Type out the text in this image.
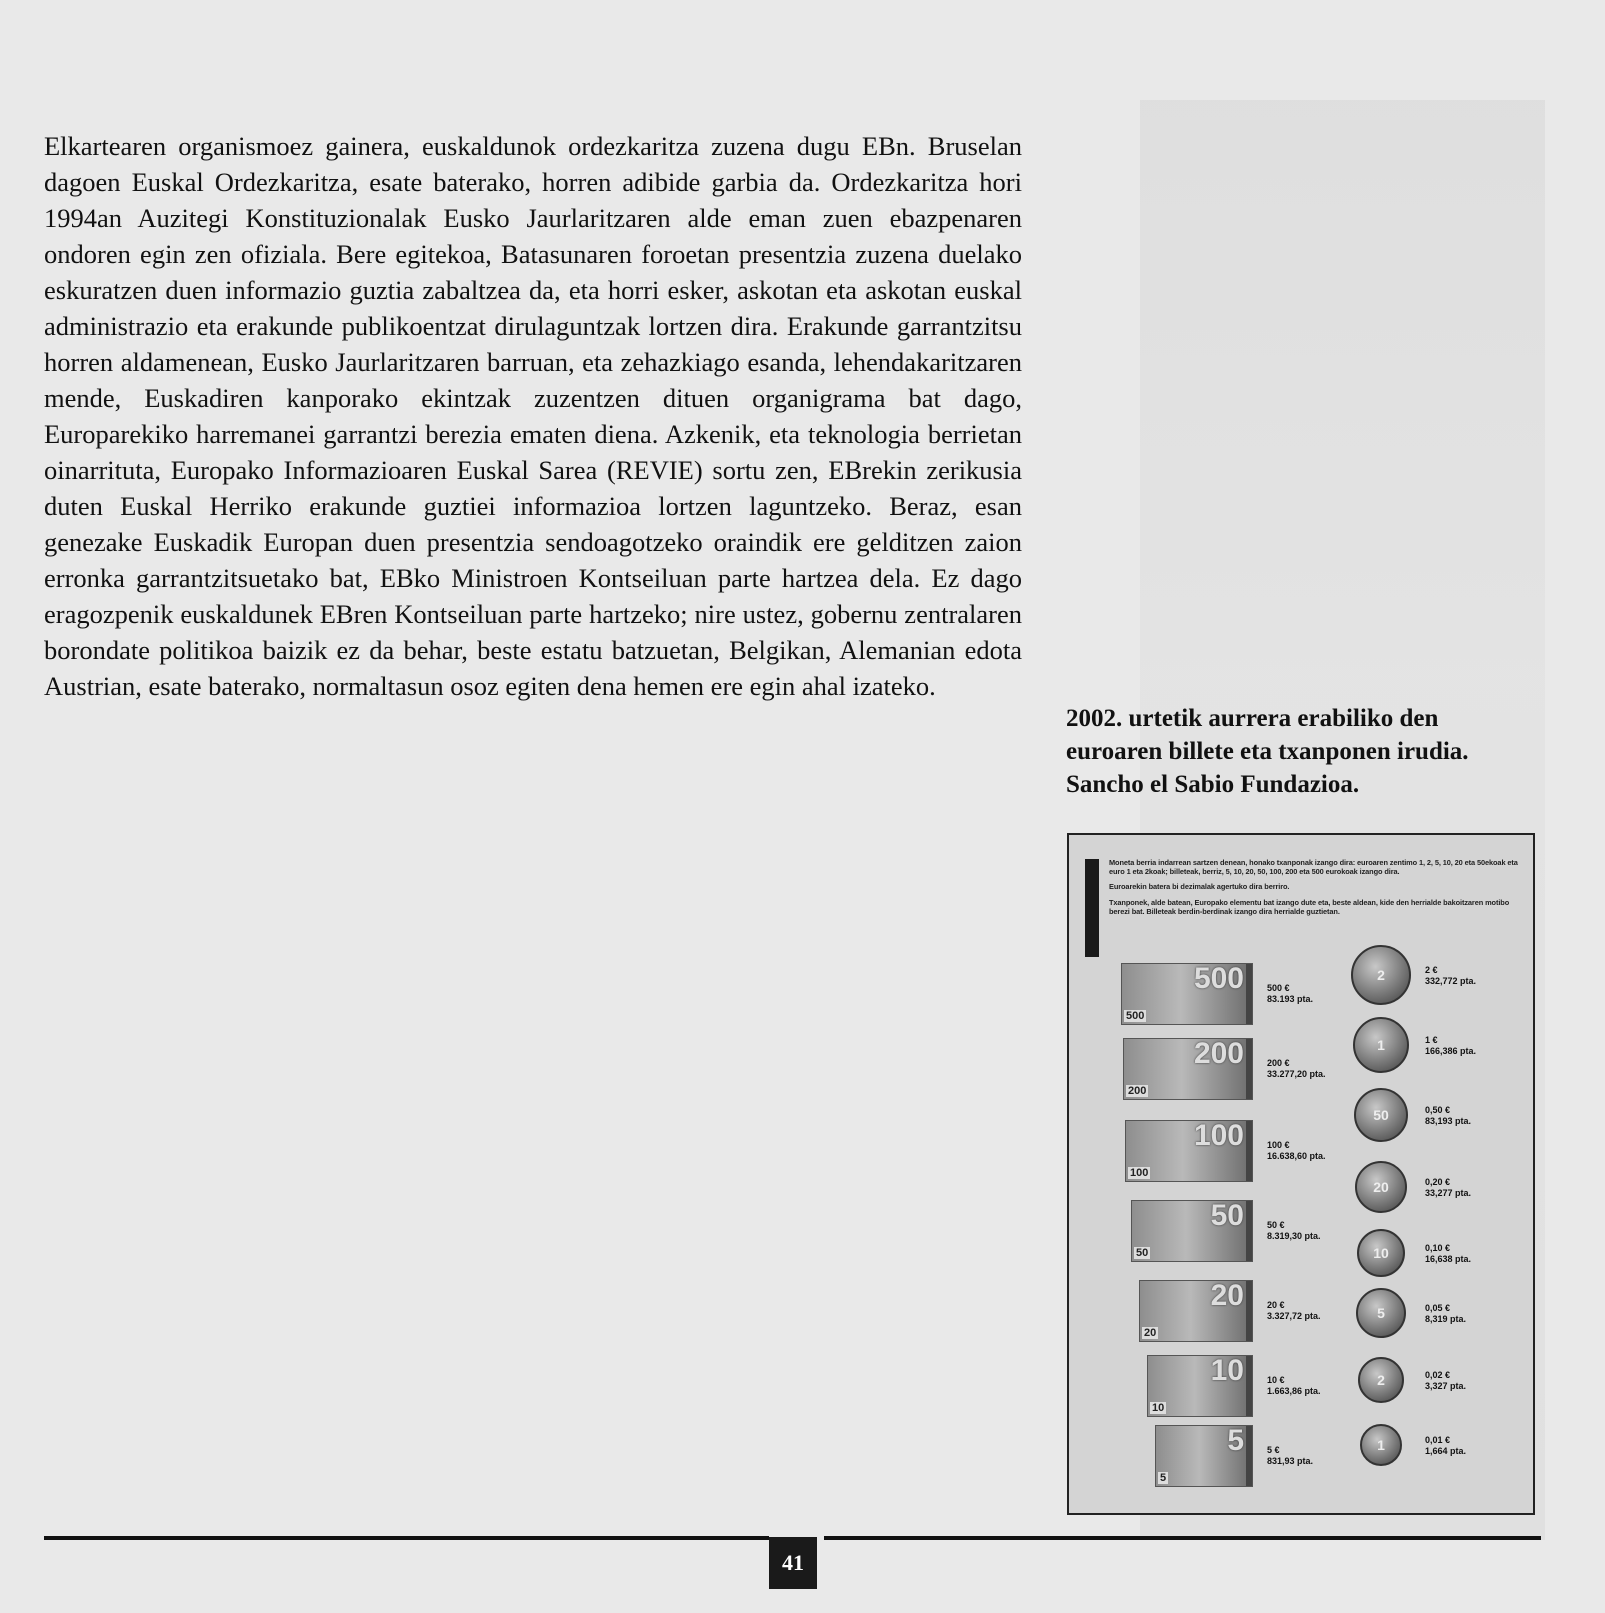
Elkartearen organismoez gainera, euskaldunok ordezkaritza zuzena dugu EBn. Bruselan dagoen Euskal Ordezkaritza, esate baterako, horren adibide garbia da. Ordezkaritza hori 1994an Auzitegi Konstituzionalak Eusko Jaurlaritzaren alde eman zuen ebazpenaren ondoren egin zen ofiziala. Bere egitekoa, Batasunaren foroetan presentzia zuzena duelako eskuratzen duen informazio guztia zabaltzea da, eta horri esker, askotan eta askotan euskal administrazio eta erakunde publikoentzat dirulaguntzak lortzen dira. Erakunde garrantzitsu horren aldamenean, Eusko Jaurlaritzaren barruan, eta zehazkiago esanda, lehendakaritzaren mende, Euskadiren kanporako ekintzak zuzentzen dituen organigrama bat dago, Europarekiko harremanei garrantzi berezia ematen diena. Azkenik, eta teknologia berrietan oinarrituta, Europako Informazioaren Euskal Sarea (REVIE) sortu zen, EBrekin zerikusia duten Euskal Herriko erakunde guztiei informazioa lortzen laguntzeko. Beraz, esan genezake Euskadik Europan duen presentzia sendoagotzeko oraindik ere gelditzen zaion erronka garrantzitsuetako bat, EBko Ministroen Kontseiluan parte hartzea dela. Ez dago eragozpenik euskaldunek EBren Kontseiluan parte hartzeko; nire ustez, gobernu zentralaren borondate politikoa baizik ez da behar, beste estatu batzuetan, Belgikan, Alemanian edota Austrian, esate baterako, normaltasun osoz egiten dena hemen ere egin ahal izateko.
2002. urtetik aurrera erabiliko den
euroaren billete eta txanponen irudia.
Sancho el Sabio Fundazioa.

Moneta berria indarrean sartzen denean, honako txanponak izango dira: euroaren zentimo 1, 2, 5, 10, 20 eta 50ekoak eta euro 1 eta 2koak; billeteak, berriz, 5, 10, 20, 50, 100, 200 eta 500 eurokoak izango dira.

Euroarekin batera bi dezimalak agertuko dira berriro.

Txanponek, alde batean, Europako elementu bat izango dute eta, beste aldean, kide den herrialde bakoitzaren motibo berezi bat. Billeteak berdin-berdinak izango dira herrialde guztietan.

500
500
500 €
83.193 pta.
200
200
200 €
33.277,20 pta.
100
100
100 €
16.638,60 pta.
50
50
50 €
8.319,30 pta.
20
20
20 €
3.327,72 pta.
10
10
10 €
1.663,86 pta.
5
5
5 €
831,93 pta.
2	2 €
332,772 pta.
1	1 €
166,386 pta.
50	0,50 €
83,193 pta.
20	0,20 €
33,277 pta.
10	0,10 €
16,638 pta.
5	0,05 €
8,319 pta.
2	0,02 €
3,327 pta.
1	0,01 €
1,664 pta.
41
